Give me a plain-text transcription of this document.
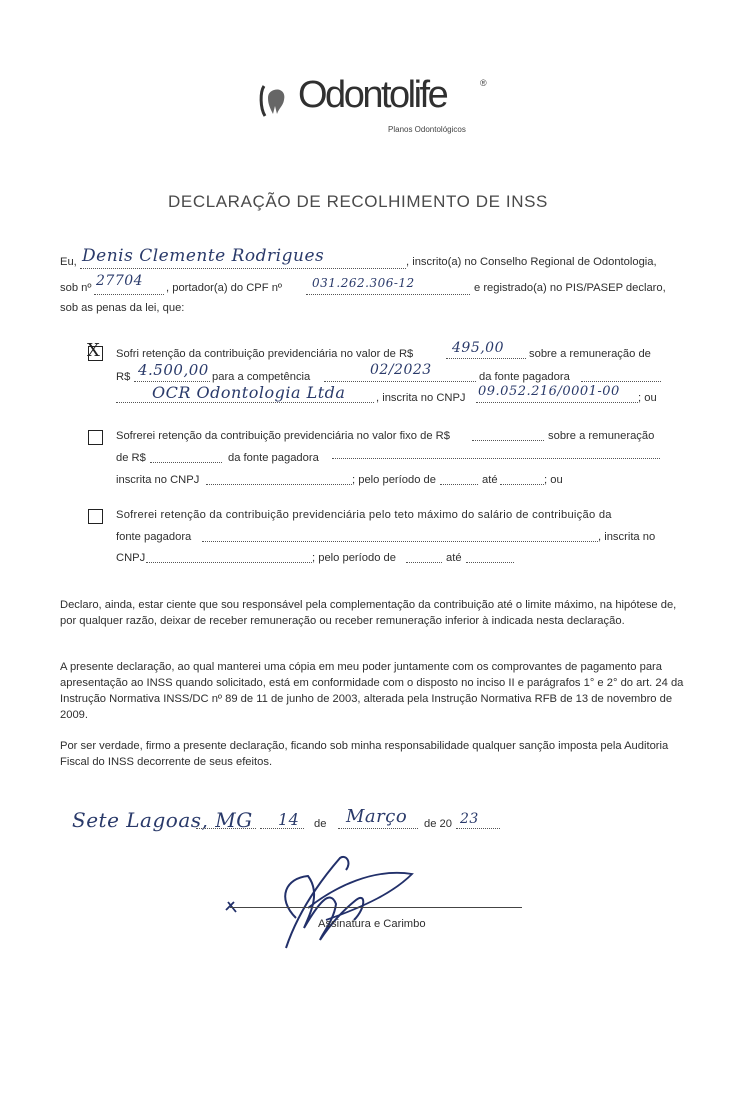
Odontolife	®
Planos Odontológicos
DECLARAÇÃO DE RECOLHIMENTO DE INSS
Eu, Denis Clemente Rodrigues	, inscrito(a) no Conselho Regional de Odontologia,
sob nº 27704 , portador(a) do CPF nº 031.262.306-12	e registrado(a) no PIS/PASEP declaro,
sob as penas da lei, que:
X Sofri retenção da contribuição previdenciária no valor de R$	495,00 sobre a remuneração de
R$ 4.500,00 para a competência	02/2023	da fonte pagadora
OCR Odontologia Ltda	, inscrita no CNPJ 09.052.216/0001-00 ; ou
Sofrerei retenção da contribuição previdenciária no valor fixo de R$	sobre a remuneração
de R$	da fonte pagadora
inscrita no CNPJ	; pelo período de	até	; ou
Sofrerei retenção da contribuição previdenciária pelo teto máximo do salário de contribuição da
fonte pagadora	, inscrita no
CNPJ	; pelo período de	até
Declaro, ainda, estar ciente que sou responsável pela complementação da contribuição até o limite máximo, na hipótese de, por qualquer razão, deixar de receber remuneração ou receber remuneração inferior à indicada nesta declaração.
A presente declaração, ao qual manterei uma cópia em meu poder juntamente com os comprovantes de pagamento para apresentação ao INSS quando solicitado, está em conformidade com o disposto no inciso II e parágrafos 1° e 2° do art. 24 da Instrução Normativa INSS/DC nº 89 de 11 de junho de 2003, alterada pela Instrução Normativa RFB de 13 de novembro de 2009.
Por ser verdade, firmo a presente declaração, ficando sob minha responsabilidade qualquer sanção imposta pela Auditoria Fiscal do INSS decorrente de seus efeitos.
Sete Lagoas, MG 14 de Março de 20 23
Assinatura e Carimbo
